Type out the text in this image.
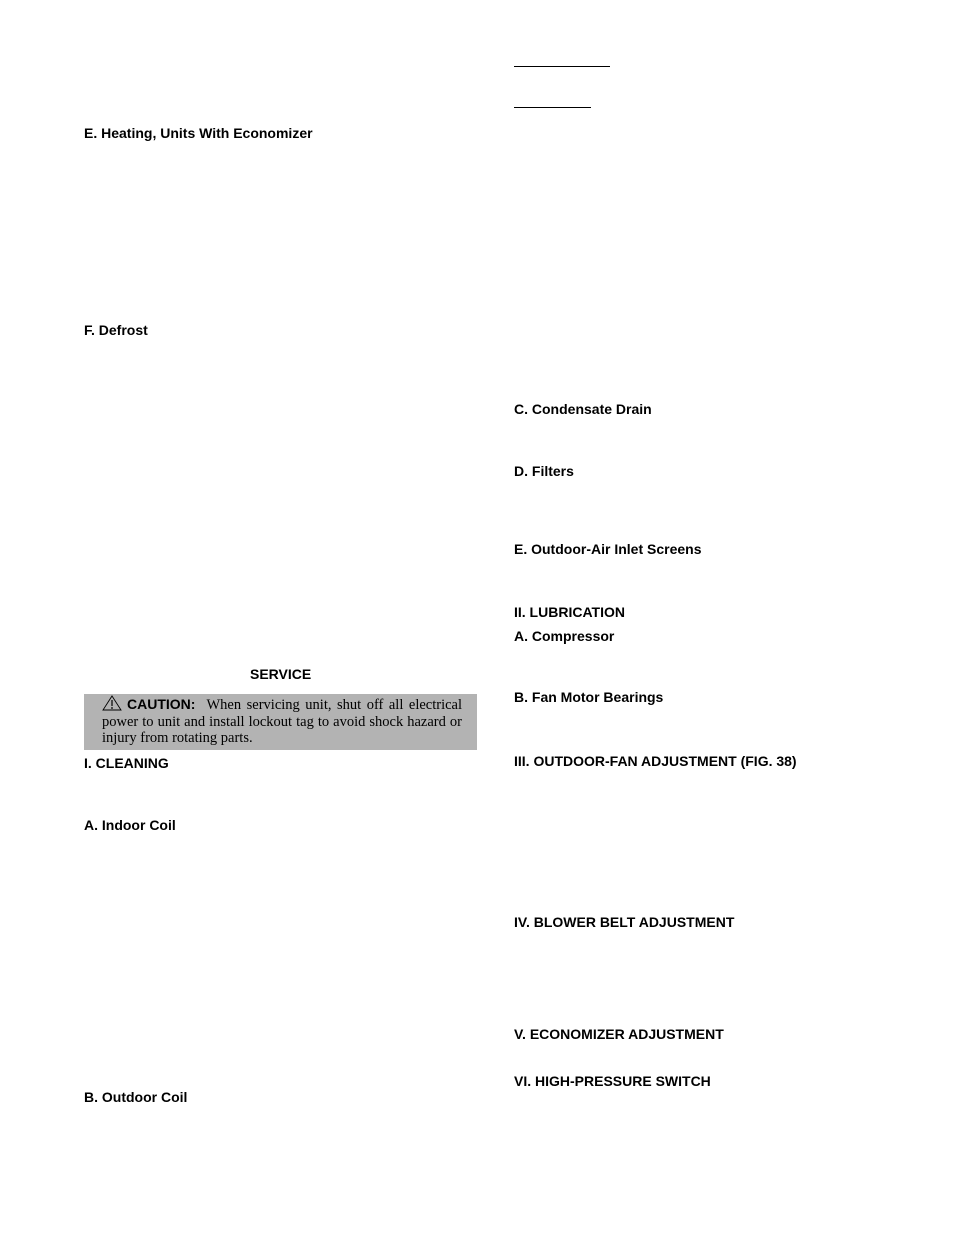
E. Heating, Units With Economizer
F. Defrost
SERVICE
CAUTION: When servicing unit, shut off all electrical power to unit and install lockout tag to avoid shock hazard or injury from rotating parts.
I. CLEANING
A. Indoor Coil
B. Outdoor Coil
C. Condensate Drain
D. Filters
E. Outdoor-Air Inlet Screens
II. LUBRICATION
A. Compressor
B. Fan Motor Bearings
III. OUTDOOR-FAN ADJUSTMENT (FIG. 38)
IV. BLOWER BELT ADJUSTMENT
V. ECONOMIZER ADJUSTMENT
VI. HIGH-PRESSURE SWITCH
